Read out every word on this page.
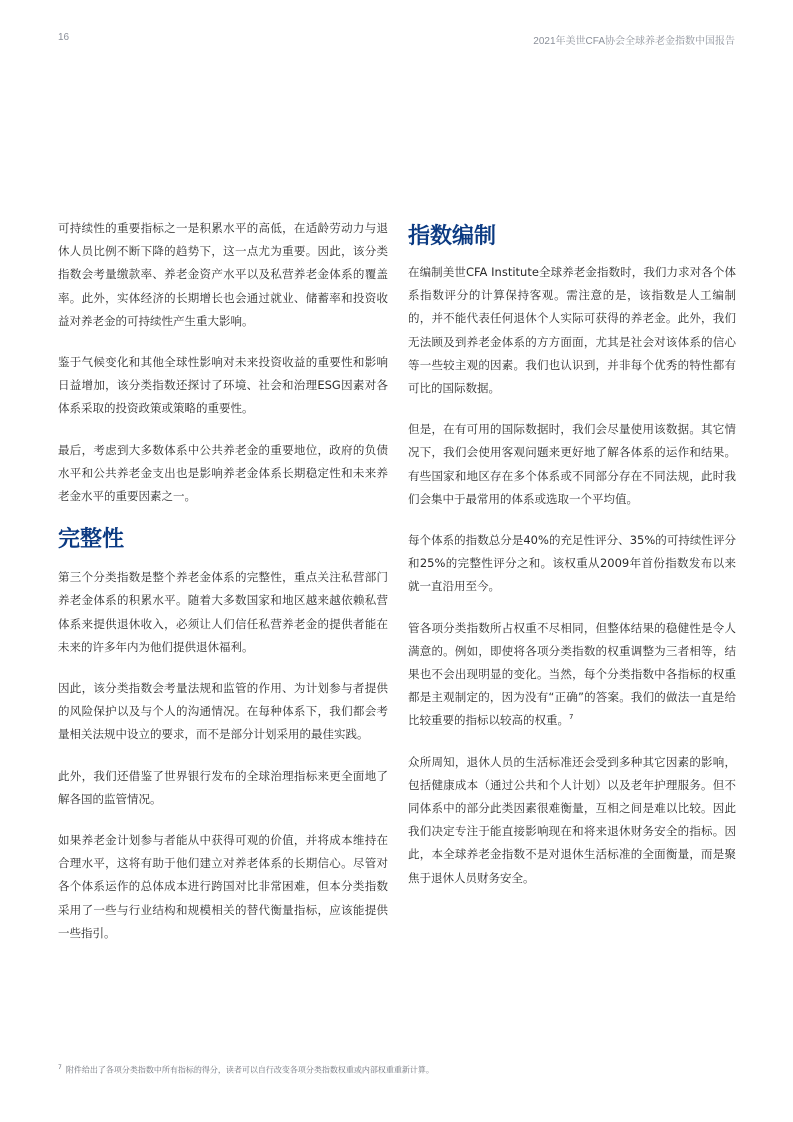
16	2021年美世CFA协会全球养老金指数中国报告

可持续性的重要指标之一是积累水平的高低，在适龄劳动力与退休人员比例不断下降的趋势下，这一点尤为重要。因此，该分类指数会考量缴款率、养老金资产水平以及私营养老金体系的覆盖率。此外，实体经济的长期增长也会通过就业、储蓄率和投资收益对养老金的可持续性产生重大影响。

鉴于气候变化和其他全球性影响对未来投资收益的重要性和影响日益增加，该分类指数还探讨了环境、社会和治理ESG因素对各体系采取的投资政策或策略的重要性。

最后，考虑到大多数体系中公共养老金的重要地位，政府的负债水平和公共养老金支出也是影响养老金体系长期稳定性和未来养老金水平的重要因素之一。

完整性

第三个分类指数是整个养老金体系的完整性，重点关注私营部门养老金体系的积累水平。随着大多数国家和地区越来越依赖私营体系来提供退休收入，必须让人们信任私营养老金的提供者能在未来的许多年内为他们提供退休福利。

因此，该分类指数会考量法规和监管的作用、为计划参与者提供的风险保护以及与个人的沟通情况。在每种体系下，我们都会考量相关法规中设立的要求，而不是部分计划采用的最佳实践。

此外，我们还借鉴了世界银行发布的全球治理指标来更全面地了解各国的监管情况。

如果养老金计划参与者能从中获得可观的价值，并将成本维持在合理水平，这将有助于他们建立对养老体系的长期信心。尽管对各个体系运作的总体成本进行跨国对比非常困难，但本分类指数采用了一些与行业结构和规模相关的替代衡量指标，应该能提供一些指引。

指数编制

在编制美世CFA Institute全球养老金指数时，我们力求对各个体系指数评分的计算保持客观。需注意的是，该指数是人工编制的，并不能代表任何退休个人实际可获得的养老金。此外，我们无法顾及到养老金体系的方方面面，尤其是社会对该体系的信心等一些较主观的因素。我们也认识到，并非每个优秀的特性都有可比的国际数据。

但是，在有可用的国际数据时，我们会尽量使用该数据。其它情况下，我们会使用客观问题来更好地了解各体系的运作和结果。有些国家和地区存在多个体系或不同部分存在不同法规，此时我们会集中于最常用的体系或选取一个平均值。

每个体系的指数总分是40%的充足性评分、35%的可持续性评分和25%的完整性评分之和。该权重从2009年首份指数发布以来就一直沿用至今。

管各项分类指数所占权重不尽相同，但整体结果的稳健性是令人满意的。例如，即使将各项分类指数的权重调整为三者相等，结果也不会出现明显的变化。当然，每个分类指数中各指标的权重都是主观制定的，因为没有“正确”的答案。我们的做法一直是给比较重要的指标以较高的权重。$^7$

众所周知，退休人员的生活标准还会受到多种其它因素的影响，包括健康成本（通过公共和个人计划）以及老年护理服务。但不同体系中的部分此类因素很难衡量，互相之间是难以比较。因此我们决定专注于能直接影响现在和将来退休财务安全的指标。因此，本全球养老金指数不是对退休生活标准的全面衡量，而是聚焦于退休人员财务安全。

$^7$ 附件给出了各项分类指数中所有指标的得分，读者可以自行改变各项分类指数权重或内部权重重新计算。
